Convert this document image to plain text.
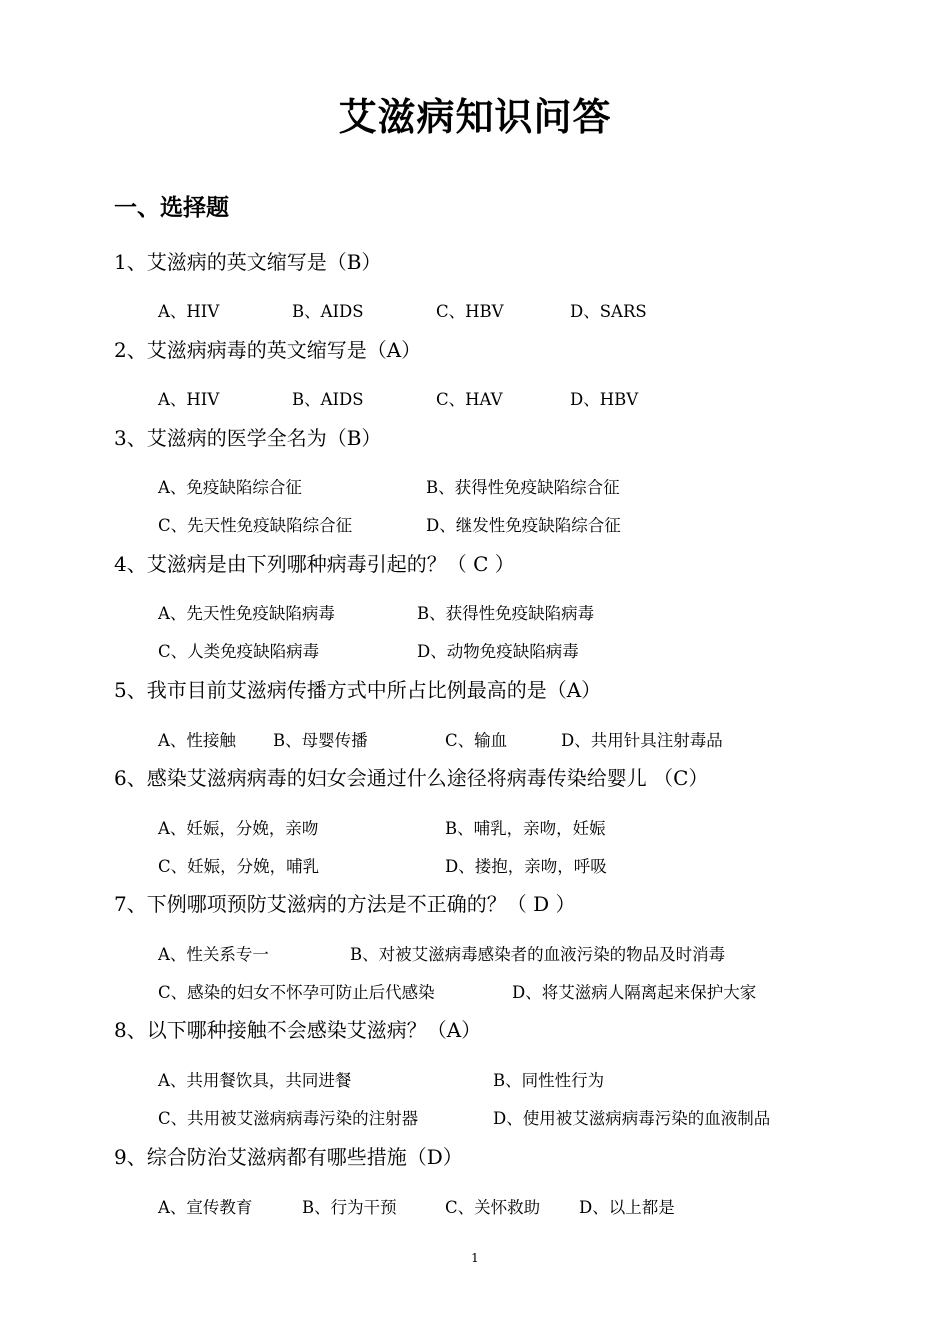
艾滋病知识问答
一、选择题
1、艾滋病的英文缩写是（B）
A、HIV	B、AIDS	C、HBV	D、SARS
2、艾滋病病毒的英文缩写是（A）
A、HIV	B、AIDS	C、HAV	D、HBV
3、艾滋病的医学全名为（B）
A、免疫缺陷综合征	B、获得性免疫缺陷综合征
C、先天性免疫缺陷综合征	D、继发性免疫缺陷综合征
4、艾滋病是由下列哪种病毒引起的？（ C ）
A、先天性免疫缺陷病毒	B、获得性免疫缺陷病毒
C、人类免疫缺陷病毒	D、动物免疫缺陷病毒
5、我市目前艾滋病传播方式中所占比例最高的是（A）
A、性接触 B、母婴传播	C、输血	D、共用针具注射毒品
6、感染艾滋病病毒的妇女会通过什么途径将病毒传染给婴儿 （C）
A、妊娠，分娩，亲吻	B、哺乳，亲吻，妊娠
C、妊娠，分娩，哺乳	D、搂抱，亲吻，呼吸
7、下例哪项预防艾滋病的方法是不正确的？（ D ）
A、性关系专一	B、对被艾滋病毒感染者的血液污染的物品及时消毒
C、感染的妇女不怀孕可防止后代感染	D、将艾滋病人隔离起来保护大家
8、以下哪种接触不会感染艾滋病？（A）
A、共用餐饮具，共同进餐	B、同性性行为
C、共用被艾滋病病毒污染的注射器	D、使用被艾滋病病毒污染的血液制品
9、综合防治艾滋病都有哪些措施（D）
A、宣传教育	B、行为干预	C、关怀救助 D、以上都是
1
